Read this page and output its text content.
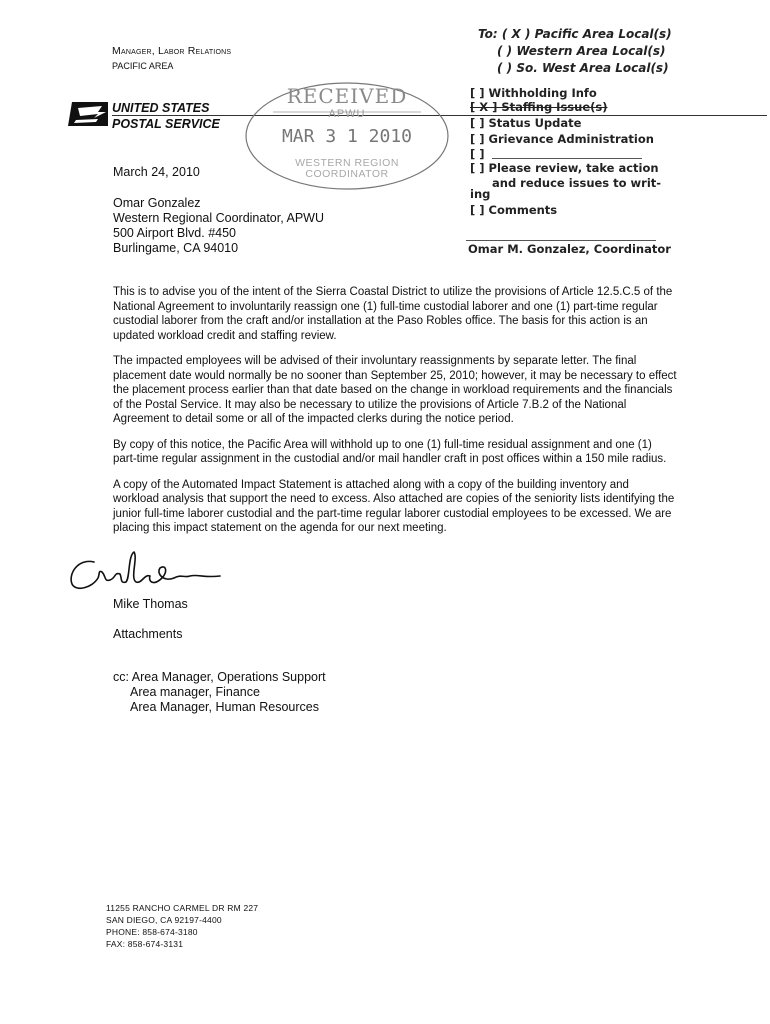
Manager, Labor Relations
PACIFIC AREA
UNITED STATES
POSTAL SERVICE
RECEIVED
APWU
MAR 3 1 2010
WESTERN REGION
COORDINATOR
To: ( X ) Pacific Area Local(s)
( ) Western Area Local(s)
( ) So. West Area Local(s)
[ ] Withholding Info
[ X ] Staffing Issue(s)
[ ] Status Update
[ ] Grievance Administration
[ ]
[ ] Please review, take action
and reduce issues to writ-
ing
[ ] Comments
Omar M. Gonzalez, Coordinator
March 24, 2010
Omar Gonzalez
Western Regional Coordinator, APWU
500 Airport Blvd. #450
Burlingame, CA 94010

This is to advise you of the intent of the Sierra Coastal District to utilize the provisions of Article 12.5.C.5 of the National Agreement to involuntarily reassign one (1) full-time custodial laborer and one (1) part-time regular custodial laborer from the craft and/or installation at the Paso Robles office. The basis for this action is an updated workload credit and staffing review.

The impacted employees will be advised of their involuntary reassignments by separate letter. The final placement date would normally be no sooner than September 25, 2010; however, it may be necessary to effect the placement process earlier than that date based on the change in workload requirements and the financials of the Postal Service. It may also be necessary to utilize the provisions of Article 7.B.2 of the National Agreement to detail some or all of the impacted clerks during the notice period.

By copy of this notice, the Pacific Area will withhold up to one (1) full-time residual assignment and one (1) part-time regular assignment in the custodial and/or mail handler craft in post offices within a 150 mile radius.

A copy of the Automated Impact Statement is attached along with a copy of the building inventory and workload analysis that support the need to excess. Also attached are copies of the seniority lists identifying the junior full-time laborer custodial and the part-time regular laborer custodial employees to be excessed. We are placing this impact statement on the agenda for our next meeting.

Mike Thomas
Attachments
cc: Area Manager, Operations Support
Area manager, Finance
Area Manager, Human Resources
11255 RANCHO CARMEL DR RM 227
SAN DIEGO, CA 92197-4400
PHONE: 858-674-3180
FAX: 858-674-3131
